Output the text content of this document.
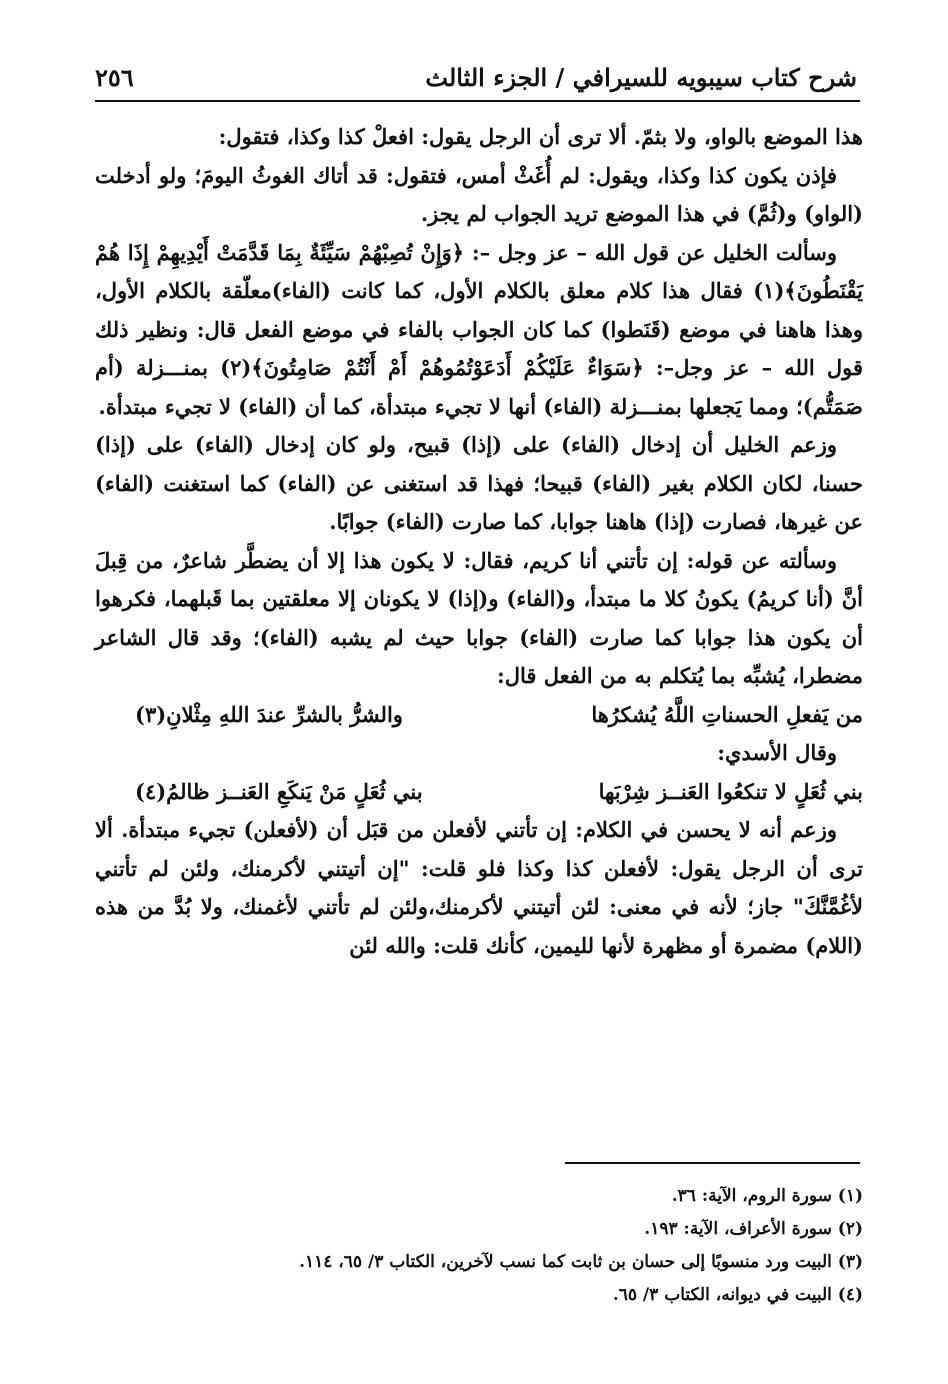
شرح كتاب سيبويه للسيرافي / الجزء الثالث
٢٥٦

هذا الموضع بالواو، ولا بثمّ. ألا ترى أن الرجل يقول: افعلْ كذا وكذا، فتقول:

فإذن يكون كذا وكذا، ويقول: لم أُغَثْ أمس، فتقول: قد أتاك الغوثُ اليومَ؛ ولو أدخلت (الواو) و(ثُمَّ) في هذا الموضع تريد الجواب لم يجز.

وسألت الخليل عن قول الله – عز وجل –: ﴿وَإِنْ تُصِبْهُمْ سَيِّئَةٌ بِمَا قَدَّمَتْ أَيْدِيهِمْ إِذَا هُمْ يَقْنَطُونَ﴾(١) فقال هذا كلام معلق بالكلام الأول، كما كانت (الفاء)معلّقة بالكلام الأول، وهذا هاهنا في موضع (قَنَطوا) كما كان الجواب بالفاء في موضع الفعل قال: ونظير ذلك قول الله – عز وجل–: ﴿سَوَاءٌ عَلَيْكُمْ أَدَعَوْتُمُوهُمْ أَمْ أَنْتُمْ صَامِتُونَ﴾(٢) بمنـــزلة (أم صَمَتُّم)؛ ومما يَجعلها بمنـــزلة (الفاء) أنها لا تجيء مبتدأة، كما أن (الفاء) لا تجيء مبتدأة.

وزعم الخليل أن إدخال (الفاء) على (إذا) قبيح، ولو كان إدخال (الفاء) على (إذا) حسنا، لكان الكلام بغير (الفاء) قبيحا؛ فهذا قد استغنى عن (الفاء) كما استغنت (الفاء) عن غيرها، فصارت (إذا) هاهنا جوابا، كما صارت (الفاء) جوابًا.

وسألته عن قوله: إن تأتني أنا كريم، فقال: لا يكون هذا إلا أن يضطَّر شاعرٌ، من قِبلَ أنَّ (أنا كريمُ) يكونُ كلا ما مبتدأ، و(الفاء) و(إذا) لا يكونان إلا معلقتين بما قَبلهما، فكرهوا أن يكون هذا جوابا كما صارت (الفاء) جوابا حيث لم يشبه (الفاء)؛ وقد قال الشاعر مضطرا، يُشبِّه بما يُتكلم به من الفعل قال:

من يَفعلِ الحسناتِ اللَّهُ يُشكرُها
والشرُّ بالشرِّ عندَ اللهِ مِثْلانِ(٣)

وقال الأسدي:

بني ثُعَلٍ لا تنكعُوا العَنــز شِرْبَها
بني ثُعَلٍ مَنْ يَنكَعِ العَنــز ظالمُ(٤)

وزعم أنه لا يحسن في الكلام: إن تأتني لأفعلن من قبَل أن (لأفعلن) تجيء مبتدأة. ألا ترى أن الرجل يقول: لأفعلن كذا وكذا فلو قلت: "إن أتيتني لأكرمنك، ولئن لم تأتني لأغُمَّنَّكَ" جاز؛ لأنه في معنى: لئن أتيتني لأكرمنك،ولئن لم تأتني لأغمنك، ولا بُدَّ من هذه (اللام) مضمرة أو مظهرة لأنها لليمين، كأنك قلت: والله لئن

(١) سورة الروم، الآية: ٣٦.

(٢) سورة الأعراف، الآية: ١٩٣.

(٣) البيت ورد منسوبًا إلى حسان بن ثابت كما نسب لآخرين، الكتاب ٣/ ٦٥، ١١٤.

(٤) البيت في ديوانه، الكتاب ٣/ ٦٥.
